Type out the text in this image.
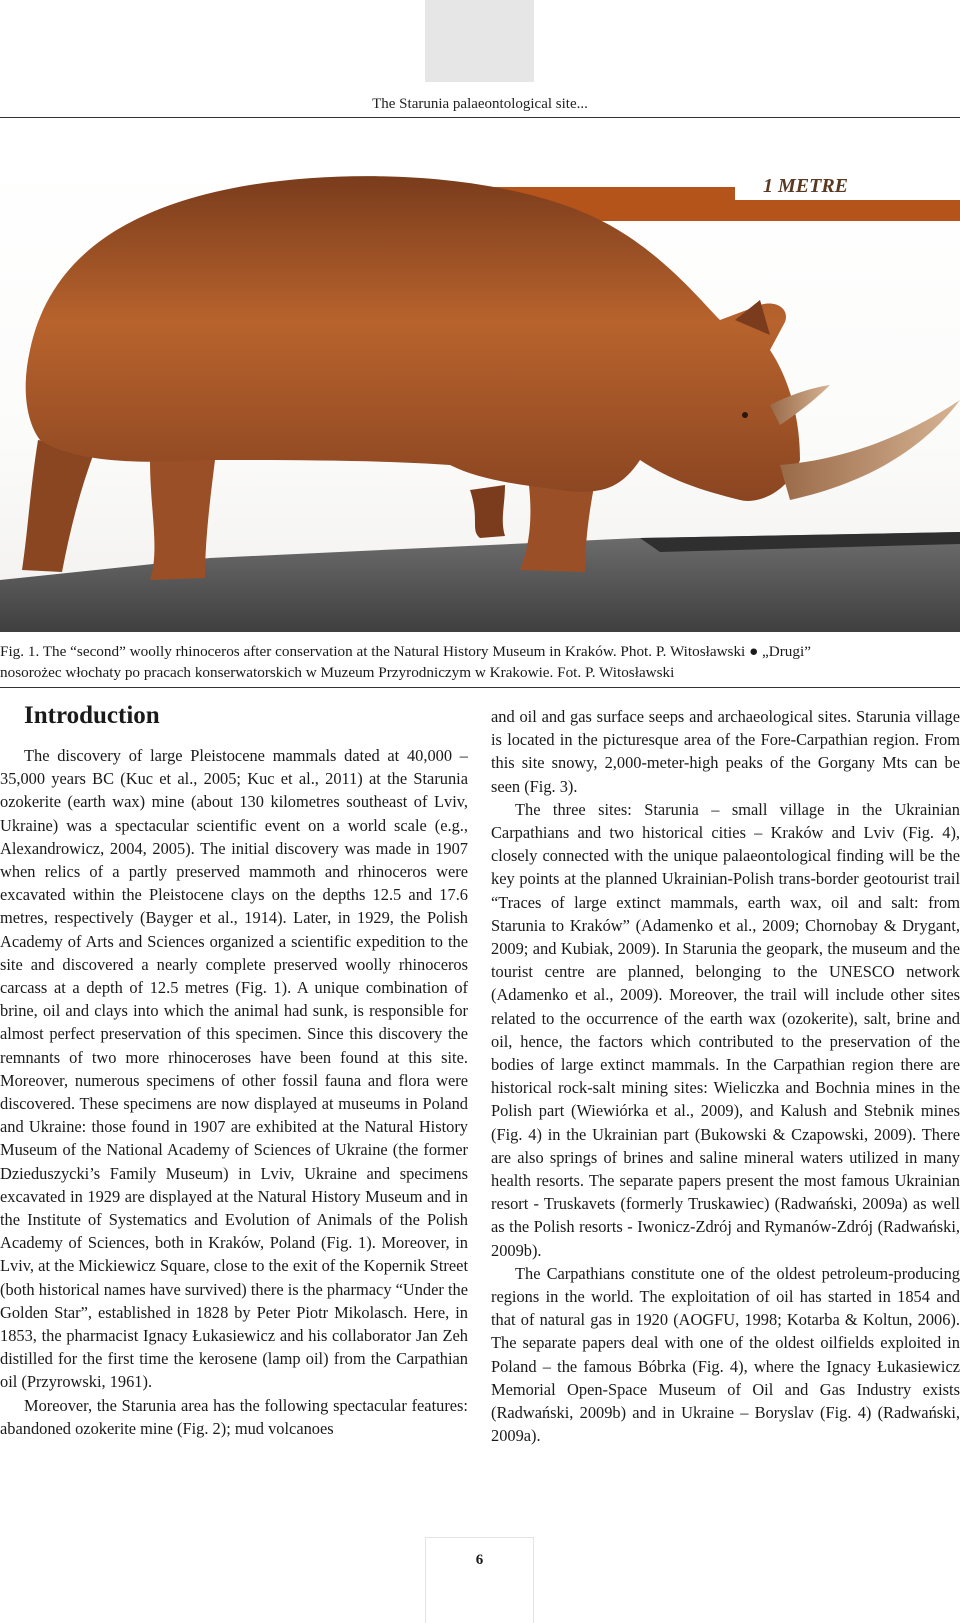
The Starunia palaeontological site...
1 METRE

Fig. 1. The “second” woolly rhinoceros after conservation at the Natural History Museum in Kraków. Phot. P. Witosławski ● „Drugi”

nosorożec włochaty po pracach konserwatorskich w Muzeum Przyrodniczym w Krakowie. Fot. P. Witosławski

Introduction

The discovery of large Pleistocene mammals dated at 40,000 – 35,000 years BC (Kuc et al., 2005; Kuc et al., 2011) at the Starunia ozokerite (earth wax) mine (about 130 kilometres southeast of Lviv, Ukraine) was a spectacular scientific event on a world scale (e.g., Alexandrowicz, 2004, 2005). The initial discovery was made in 1907 when relics of a partly preserved mammoth and rhinoceros were excavated within the Pleistocene clays on the depths 12.5 and 17.6 metres, respectively (Bayger et al., 1914). Later, in 1929, the Polish Academy of Arts and Sciences organized a scientific expedition to the site and discovered a nearly complete preserved woolly rhinoceros carcass at a depth of 12.5 metres (Fig. 1). A unique combination of brine, oil and clays into which the animal had sunk, is responsible for almost perfect preservation of this specimen. Since this discovery the remnants of two more rhinoceroses have been found at this site. Moreover, numerous specimens of other fossil fauna and flora were discovered. These specimens are now displayed at museums in Poland and Ukraine: those found in 1907 are exhibited at the Natural History Museum of the National Academy of Sciences of Ukraine (the former Dzieduszycki’s Family Museum) in Lviv, Ukraine and specimens excavated in 1929 are displayed at the Natural History Museum and in the Institute of Systematics and Evolution of Animals of the Polish Academy of Sciences, both in Kraków, Poland (Fig. 1). Moreover, in Lviv, at the Mickiewicz Square, close to the exit of the Kopernik Street (both historical names have survived) there is the pharmacy “Under the Golden Star”, established in 1828 by Peter Piotr Mikolasch. Here, in 1853, the pharmacist Ignacy Łukasiewicz and his collaborator Jan Zeh distilled for the first time the kerosene (lamp oil) from the Carpathian oil (Przyrowski, 1961).

Moreover, the Starunia area has the following spectacular features: abandoned ozokerite mine (Fig. 2); mud volcanoes

and oil and gas surface seeps and archaeological sites. Starunia village is located in the picturesque area of the Fore-Carpathian region. From this site snowy, 2,000-meter-high peaks of the Gorgany Mts can be seen (Fig. 3).

The three sites: Starunia – small village in the Ukrainian Carpathians and two historical cities – Kraków and Lviv (Fig. 4), closely connected with the unique palaeontological finding will be the key points at the planned Ukrainian-Polish trans-border geotourist trail “Traces of large extinct mammals, earth wax, oil and salt: from Starunia to Kraków” (Adamenko et al., 2009; Chornobay & Drygant, 2009; and Kubiak, 2009). In Starunia the geopark, the museum and the tourist centre are planned, belonging to the UNESCO network (Adamenko et al., 2009). Moreover, the trail will include other sites related to the occurrence of the earth wax (ozokerite), salt, brine and oil, hence, the factors which contributed to the preservation of the bodies of large extinct mammals. In the Carpathian region there are historical rock-salt mining sites: Wieliczka and Bochnia mines in the Polish part (Wiewiórka et al., 2009), and Kalush and Stebnik mines (Fig. 4) in the Ukrainian part (Bukowski & Czapowski, 2009). There are also springs of brines and saline mineral waters utilized in many health resorts. The separate papers present the most famous Ukrainian resort - Truskavets (formerly Truskawiec) (Radwański, 2009a) as well as the Polish resorts - Iwonicz-Zdrój and Rymanów-Zdrój (Radwański, 2009b).

The Carpathians constitute one of the oldest petroleum-producing regions in the world. The exploitation of oil has started in 1854 and that of natural gas in 1920 (AOGFU, 1998; Kotarba & Koltun, 2006). The separate papers deal with one of the oldest oilfields exploited in Poland – the famous Bóbrka (Fig. 4), where the Ignacy Łukasiewicz Memorial Open-Space Museum of Oil and Gas Industry exists (Radwański, 2009b) and in Ukraine – Boryslav (Fig. 4) (Radwański, 2009a).

6
